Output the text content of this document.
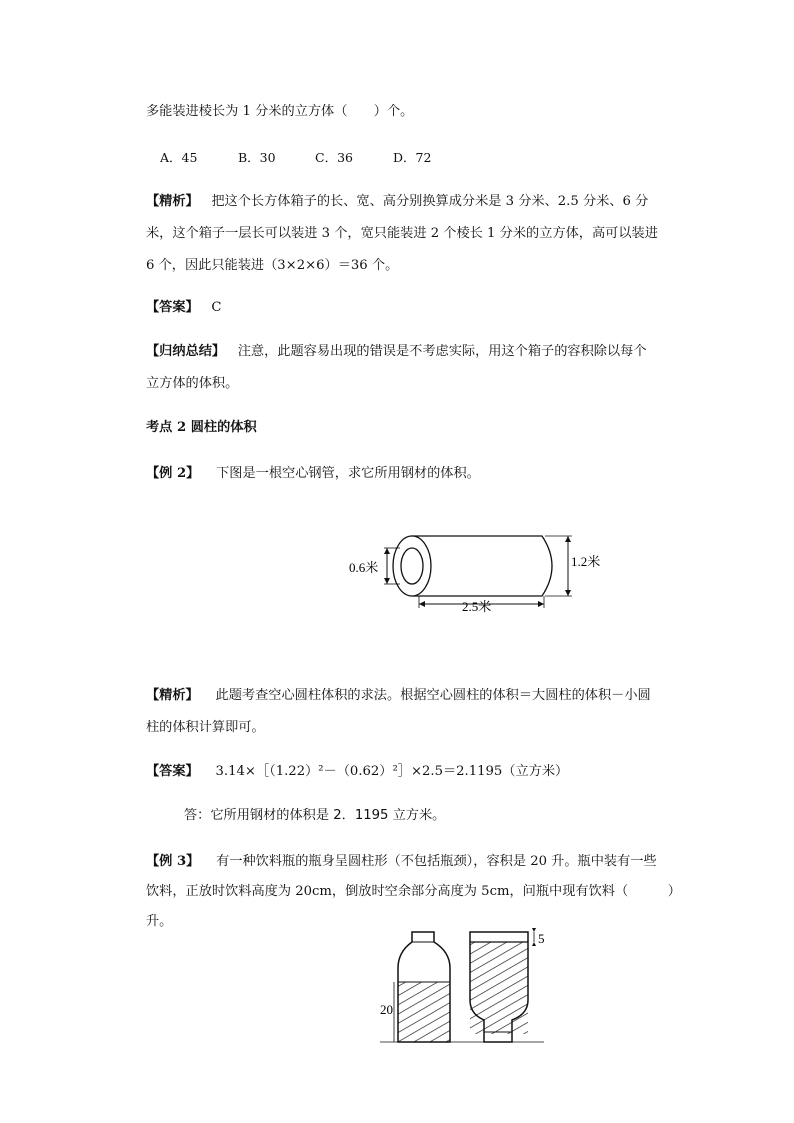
多能装进棱长为 1 分米的立方体（　　）个。
A．45	B．30	C．36	D．72
【精析】 把这个长方体箱子的长、宽、高分别换算成分米是 3 分米、2.5 分米、6 分
米，这个箱子一层长可以装进 3 个，宽只能装进 2 个棱长 1 分米的立方体，高可以装进
6 个，因此只能装进（3×2×6）＝36 个。
【答案】 C
【归纳总结】 注意，此题容易出现的错误是不考虑实际，用这个箱子的容积除以每个
立方体的体积。
考点 2 圆柱的体积
【例 2】 下图是一根空心钢管，求它所用钢材的体积。
0.6米	1.2米
2.5米
【精析】 此题考查空心圆柱体积的求法。根据空心圆柱的体积＝大圆柱的体积－小圆
柱的体积计算即可。
【答案】 3.14×［（1.22）²－（0.62）²］×2.5＝2.1195（立方米）
答：它所用钢材的体积是 2．1195 立方米。
【例 3】 有一种饮料瓶的瓶身呈圆柱形（不包括瓶颈），容积是 20 升。瓶中装有一些
饮料，正放时饮料高度为 20cm，倒放时空余部分高度为 5cm，问瓶中现有饮料（　　　）
升。
20
5
